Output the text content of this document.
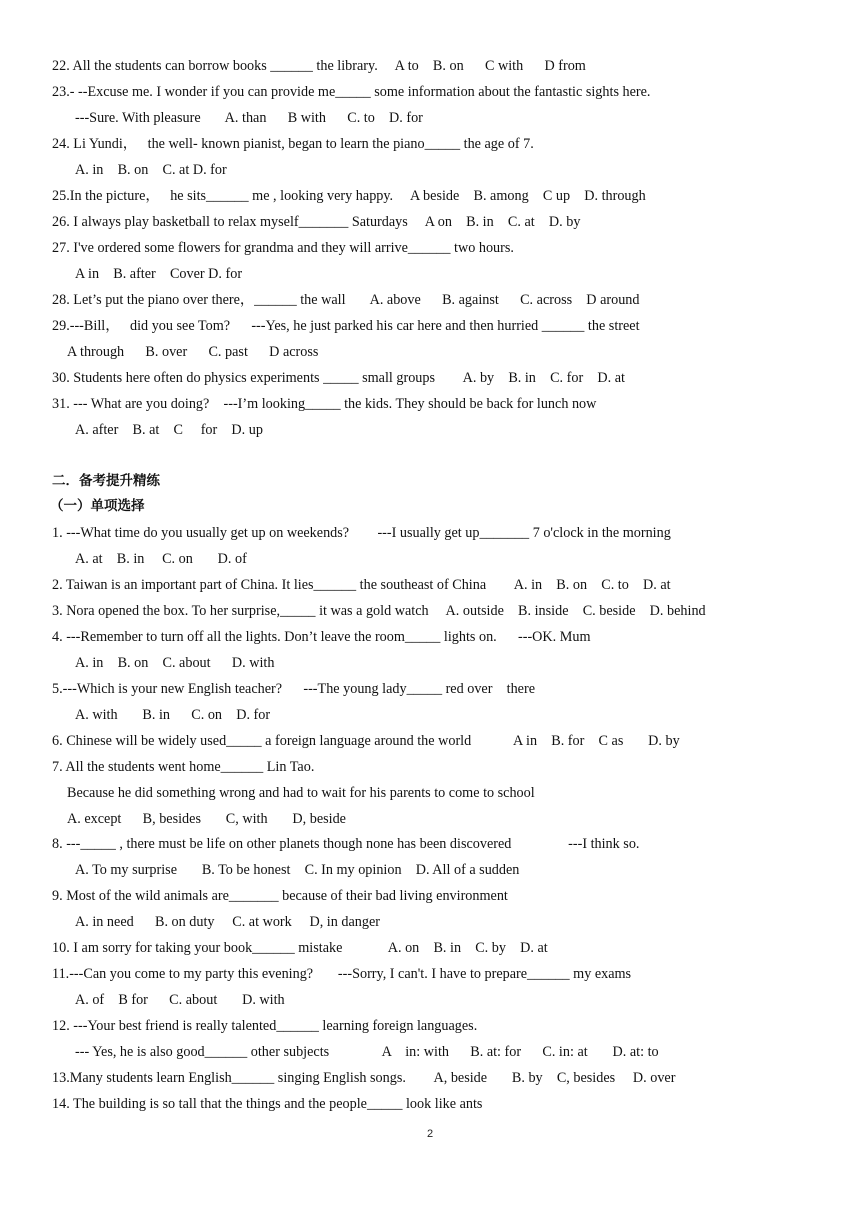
22. All the students can borrow books ______ the library.     A to    B. on      C with      D from
23.- --Excuse me. I wonder if you can provide me_____ some information about the fantastic sights here.
---Sure. With pleasure       A. than      B with      C. to    D. for
24. Li Yundi，   the well- known pianist, began to learn the piano_____ the age of 7.
A. in    B. on    C. at D. for
25.In the picture，   he sits______ me , looking very happy.     A beside    B. among    C up    D. through
26. I always play basketball to relax myself_______ Saturdays     A on    B. in    C. at    D. by
27. I've ordered some flowers for grandma and they will arrive______ two hours.
A in    B. after    Cover D. for
28. Let’s put the piano over there，______ the wall       A. above      B. against      C. across    D around
29.---Bill，   did you see Tom?      ---Yes, he just parked his car here and then hurried ______ the street
A through      B. over      C. past      D across
30. Students here often do physics experiments _____ small groups        A. by    B. in    C. for    D. at
31. --- What are you doing?    ---I’m looking_____ the kids. They should be back for lunch now
A. after    B. at    C     for    D. up
二．备考提升精练
（一）单项选择
1. ---What time do you usually get up on weekends?        ---I usually get up_______ 7 o'clock in the morning
A. at    B. in     C. on       D. of
2. Taiwan is an important part of China. It lies______ the southeast of China        A. in    B. on    C. to    D. at
3. Nora opened the box. To her surprise,_____ it was a gold watch     A. outside    B. inside    C. beside    D. behind
4. ---Remember to turn off all the lights. Don’t leave the room_____ lights on.      ---OK. Mum
A. in    B. on    C. about      D. with
5.---Which is your new English teacher?      ---The young lady_____ red over    there
A. with       B. in      C. on    D. for
6. Chinese will be widely used_____ a foreign language around the world            A in    B. for    C as       D. by
7. All the students went home______ Lin Tao.
Because he did something wrong and had to wait for his parents to come to school
A. except      B, besides       C, with       D, beside
8. ---_____ , there must be life on other planets though none has been discovered                ---I think so.
A. To my surprise       B. To be honest    C. In my opinion    D. All of a sudden
9. Most of the wild animals are_______ because of their bad living environment
A. in need      B. on duty     C. at work     D, in danger
10. I am sorry for taking your book______ mistake             A. on    B. in    C. by    D. at
11.---Can you come to my party this evening?       ---Sorry, I can't. I have to prepare______ my exams
A. of    B for      C. about       D. with
12. ---Your best friend is really talented______ learning foreign languages.
--- Yes, he is also good______ other subjects               A    in: with      B. at: for      C. in: at       D. at: to
13.Many students learn English______ singing English songs.        A, beside       B. by    C, besides     D. over
14. The building is so tall that the things and the people_____ look like ants
2
